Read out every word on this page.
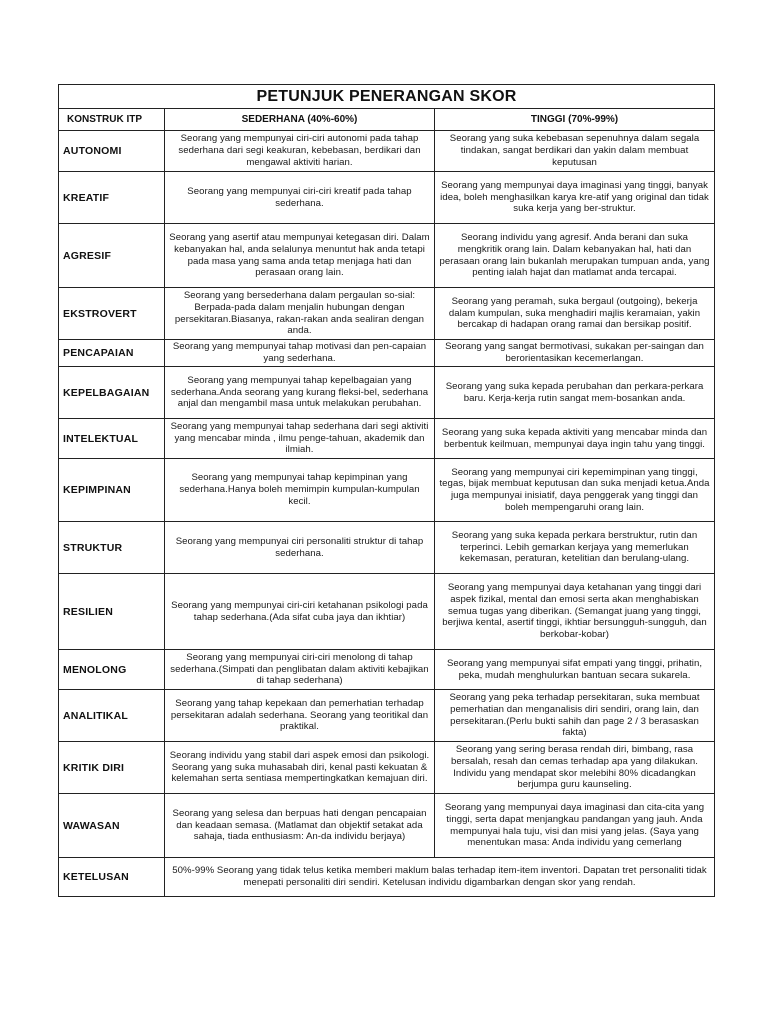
PETUNJUK PENERANGAN SKOR		
KONSTRUK ITP	SEDERHANA (40%-60%)	TINGGI (70%-99%)
AUTONOMI	Seorang yang mempunyai ciri-ciri autonomi pada tahap sederhana dari segi keakuran, kebebasan, berdikari dan mengawal aktiviti harian.	Seorang yang suka kebebasan sepenuhnya dalam segala tindakan, sangat berdikari dan yakin dalam membuat keputusan
KREATIF	Seorang yang mempunyai ciri-ciri kreatif pada tahap sederhana.	Seorang yang mempunyai daya imaginasi yang tinggi, banyak idea, boleh menghasilkan karya kre-atif yang original dan tidak suka kerja yang ber-struktur.
AGRESIF	Seorang yang asertif atau mempunyai ketegasan diri. Dalam kebanyakan hal, anda selalunya menuntut hak anda tetapi pada masa yang sama anda tetap menjaga hati dan perasaan orang lain.	Seorang individu yang agresif. Anda berani dan suka mengkritik orang lain. Dalam kebanyakan hal, hati dan perasaan orang lain bukanlah merupakan tumpuan anda, yang penting ialah hajat dan matlamat anda tercapai.
EKSTROVERT	Seorang yang bersederhana dalam pergaulan so-sial: Berpada-pada dalam menjalin hubungan dengan persekitaran.Biasanya, rakan-rakan anda sealiran dengan anda.	Seorang yang peramah, suka bergaul (outgoing), bekerja dalam kumpulan, suka menghadiri majlis keramaian, yakin bercakap di hadapan orang ramai dan bersikap positif.
PENCAPAIAN	Seorang yang mempunyai tahap motivasi dan pen-capaian yang sederhana.	Seorang yang sangat bermotivasi, sukakan per-saingan dan berorientasikan kecemerlangan.
KEPELBAGAIAN	Seorang yang mempunyai tahap kepelbagaian yang sederhana.Anda seorang yang kurang fleksi-bel, sederhana anjal dan mengambil masa untuk melakukan perubahan.	Seorang yang suka kepada perubahan dan perkara-perkara baru. Kerja-kerja rutin sangat mem-bosankan anda.
INTELEKTUAL	Seorang yang mempunyai tahap sederhana dari segi aktiviti yang mencabar minda , ilmu penge-tahuan, akademik dan ilmiah.	Seorang yang suka kepada aktiviti yang mencabar minda dan berbentuk keilmuan, mempunyai daya ingin tahu yang tinggi.
KEPIMPINAN	Seorang yang mempunyai tahap kepimpinan yang sederhana.Hanya boleh memimpin kumpulan-kumpulan kecil.	Seorang yang mempunyai ciri kepemimpinan yang tinggi, tegas, bijak membuat keputusan dan suka menjadi ketua.Anda juga mempunyai inisiatif, daya penggerak yang tinggi dan boleh mempengaruhi orang lain.
STRUKTUR	Seorang yang mempunyai ciri personaliti struktur di tahap sederhana.	Seorang yang suka kepada perkara berstruktur, rutin dan terperinci. Lebih gemarkan kerjaya yang memerlukan kekemasan, peraturan, ketelitian dan berulang-ulang.
RESILIEN	Seorang yang mempunyai ciri-ciri ketahanan psikologi pada tahap sederhana.(Ada sifat cuba jaya dan ikhtiar)	Seorang yang mempunyai daya ketahanan yang tinggi dari aspek fizikal, mental dan emosi serta akan menghabiskan semua tugas yang diberikan. (Semangat juang yang tinggi, berjiwa kental, asertif tinggi, ikhtiar bersungguh-sungguh, dan berkobar-kobar)
MENOLONG	Seorang yang mempunyai ciri-ciri menolong di tahap sederhana.(Simpati dan penglibatan dalam aktiviti kebajikan di tahap sederhana)	Seorang yang mempunyai sifat empati yang tinggi, prihatin, peka, mudah menghulurkan bantuan secara sukarela.
ANALITIKAL	Seorang yang tahap kepekaan dan pemerhatian terhadap persekitaran adalah sederhana. Seorang yang teoritikal dan praktikal.	Seorang yang peka terhadap persekitaran, suka membuat pemerhatian dan menganalisis diri sendiri, orang lain, dan persekitaran.(Perlu bukti sahih dan page 2 / 3 berasaskan fakta)
KRITIK DIRI	Seorang individu yang stabil dari aspek emosi dan psikologi. Seorang yang suka muhasabah diri, kenal pasti kekuatan & kelemahan serta sentiasa mempertingkatkan kemajuan diri.	Seorang yang sering berasa rendah diri, bimbang, rasa bersalah, resah dan cemas terhadap apa yang dilakukan. Individu yang mendapat skor melebihi 80% dicadangkan berjumpa guru kaunseling.
WAWASAN	Seorang yang selesa dan berpuas hati dengan pencapaian dan keadaan semasa. (Matlamat dan objektif setakat ada sahaja, tiada enthusiasm: An-da individu berjaya)	Seorang yang mempunyai daya imaginasi dan cita-cita yang tinggi, serta dapat menjangkau pandangan yang jauh. Anda mempunyai hala tuju, visi dan misi yang jelas. (Saya yang menentukan masa: Anda individu yang cemerlang
KETELUSAN	50%-99% Seorang yang tidak telus ketika memberi maklum balas terhadap item-item inventori. Dapatan tret personaliti tidak menepati personaliti diri sendiri. Ketelusan individu digambarkan dengan skor yang rendah.	
